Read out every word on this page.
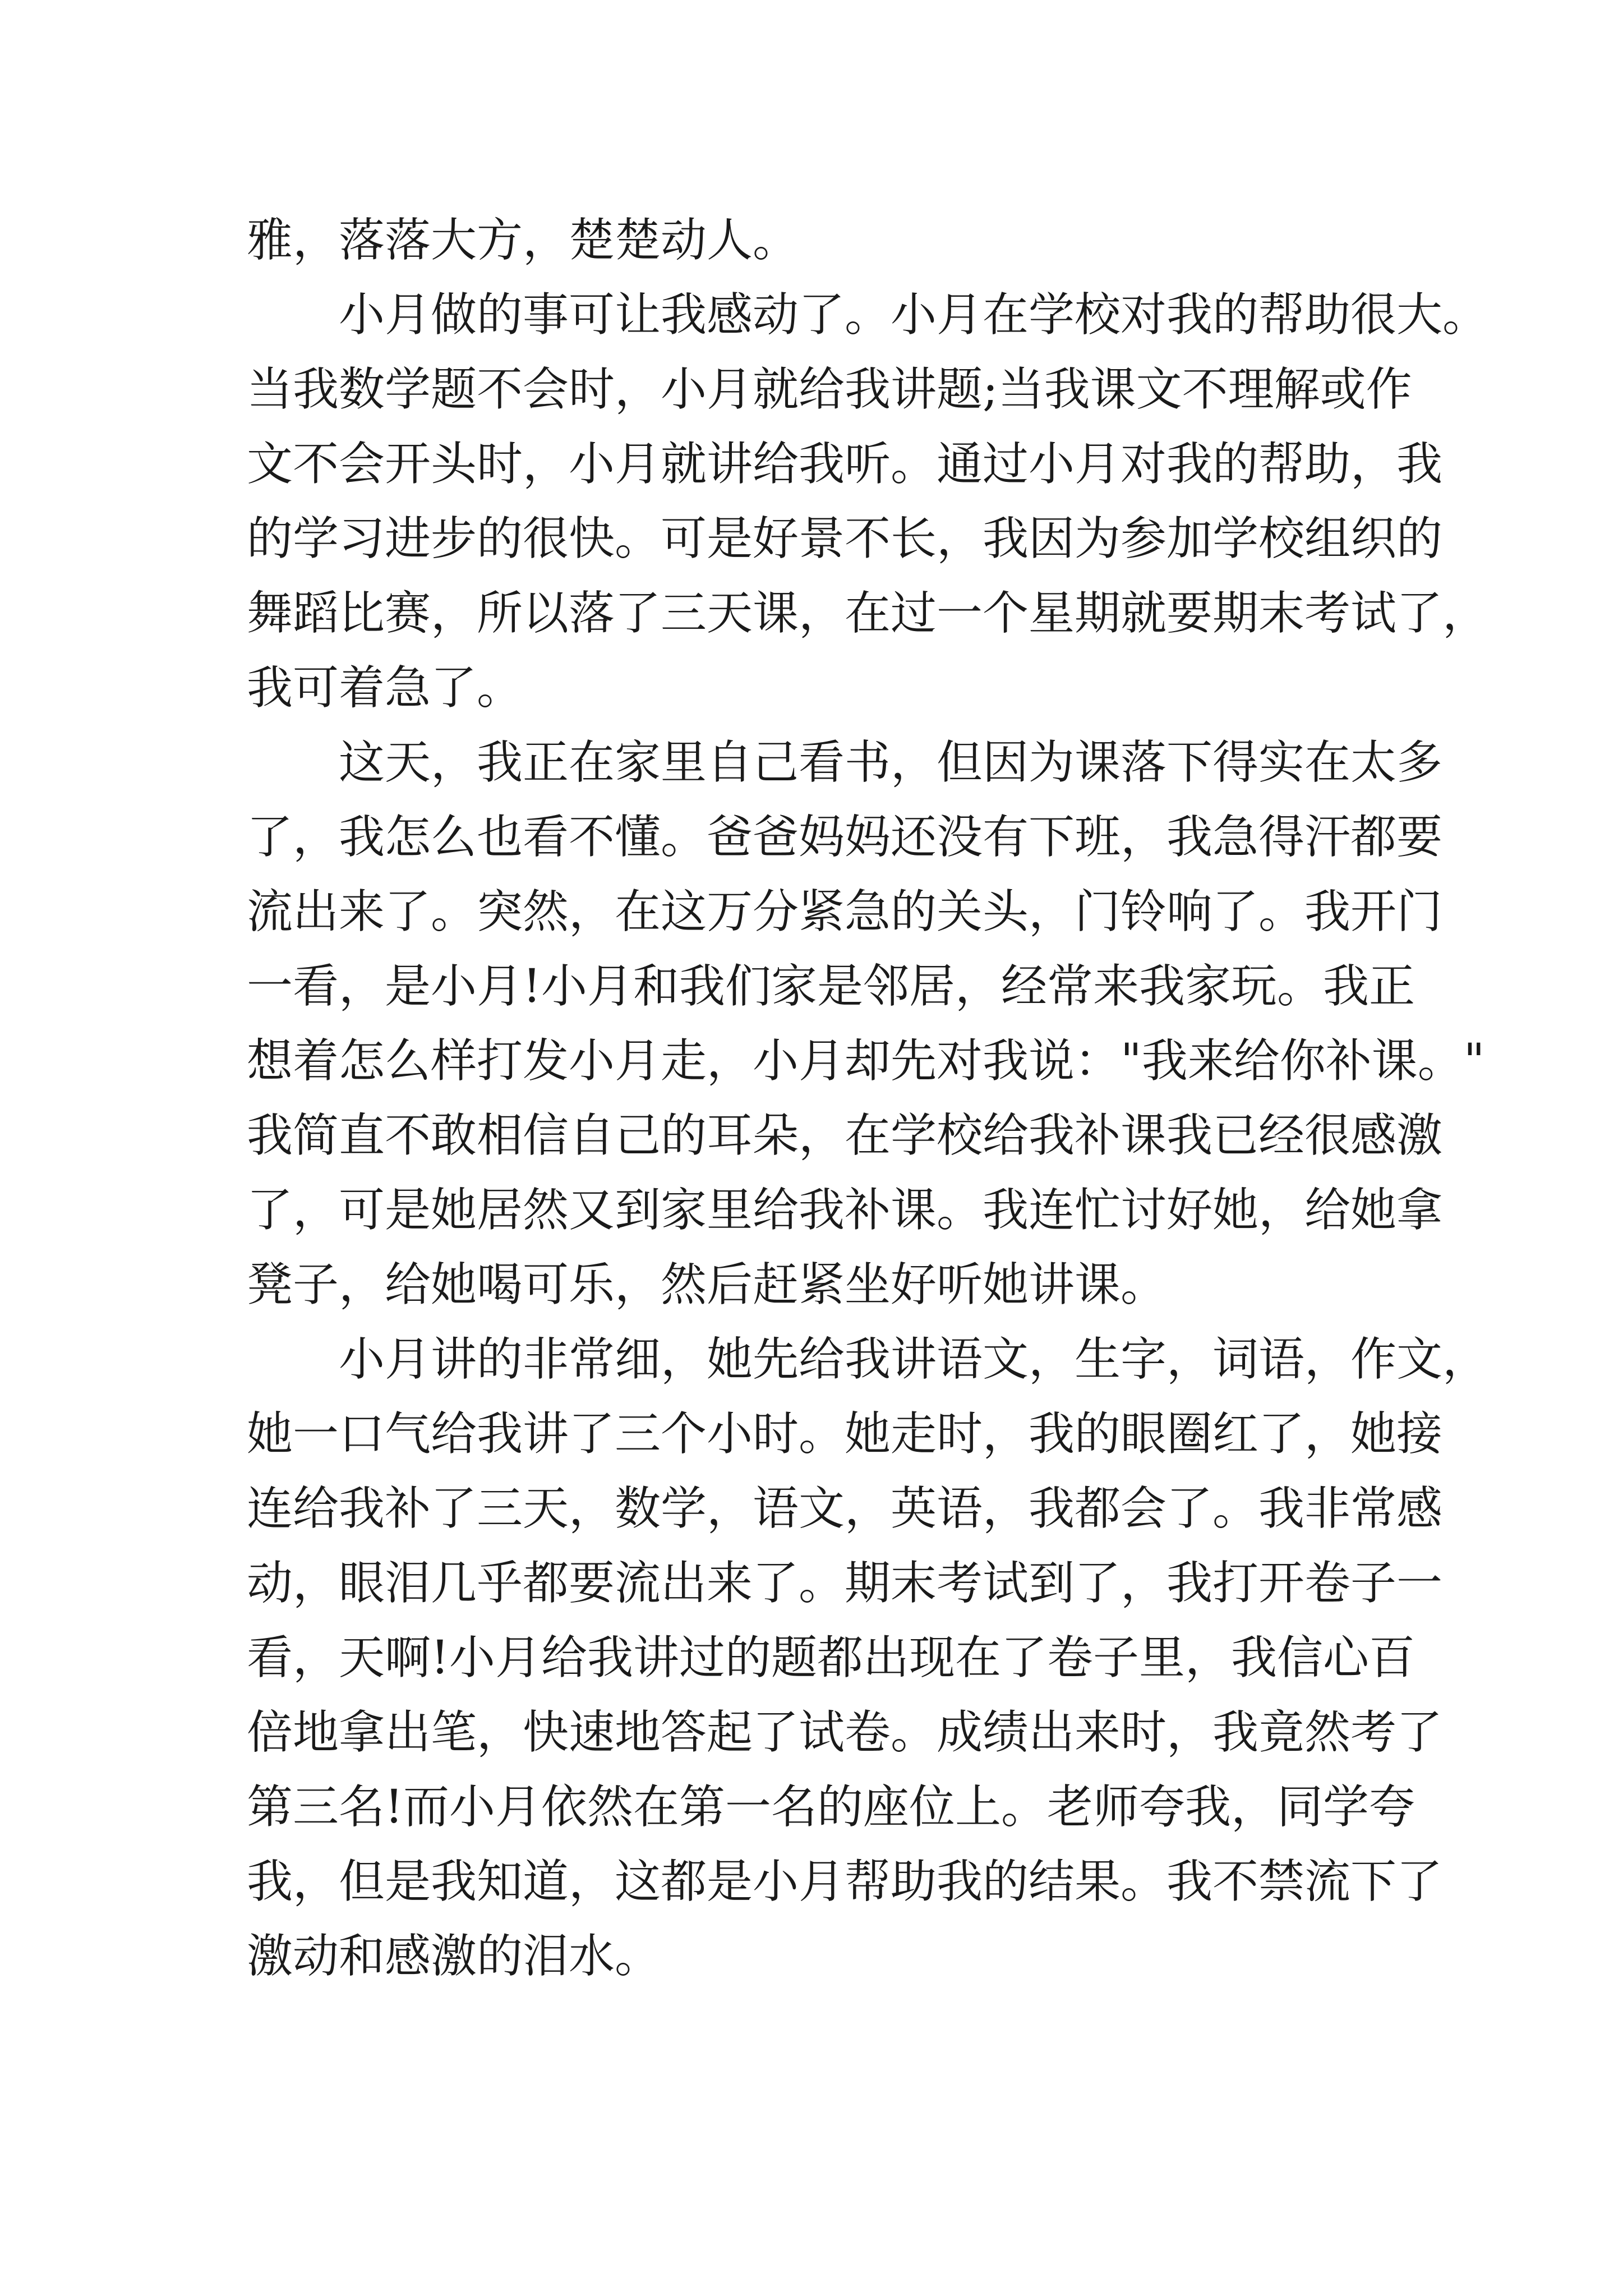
雅，落落大方，楚楚动人。
小月做的事可让我感动了。小月在学校对我的帮助很大。
当我数学题不会时，小月就给我讲题;当我课文不理解或作
文不会开头时，小月就讲给我听。通过小月对我的帮助，我
的学习进步的很快。可是好景不长，我因为参加学校组织的
舞蹈比赛，所以落了三天课，在过一个星期就要期末考试了，
我可着急了。
这天，我正在家里自己看书，但因为课落下得实在太多
了，我怎么也看不懂。爸爸妈妈还没有下班，我急得汗都要
流出来了。突然，在这万分紧急的关头，门铃响了。我开门
一看，是小月!小月和我们家是邻居，经常来我家玩。我正
想着怎么样打发小月走，小月却先对我说："我来给你补课。"
我简直不敢相信自己的耳朵，在学校给我补课我已经很感激
了，可是她居然又到家里给我补课。我连忙讨好她，给她拿
凳子，给她喝可乐，然后赶紧坐好听她讲课。
小月讲的非常细，她先给我讲语文，生字，词语，作文，
她一口气给我讲了三个小时。她走时，我的眼圈红了，她接
连给我补了三天，数学，语文，英语，我都会了。我非常感
动，眼泪几乎都要流出来了。期末考试到了，我打开卷子一
看，天啊!小月给我讲过的题都出现在了卷子里，我信心百
倍地拿出笔，快速地答起了试卷。成绩出来时，我竟然考了
第三名!而小月依然在第一名的座位上。老师夸我，同学夸
我，但是我知道，这都是小月帮助我的结果。我不禁流下了
激动和感激的泪水。
